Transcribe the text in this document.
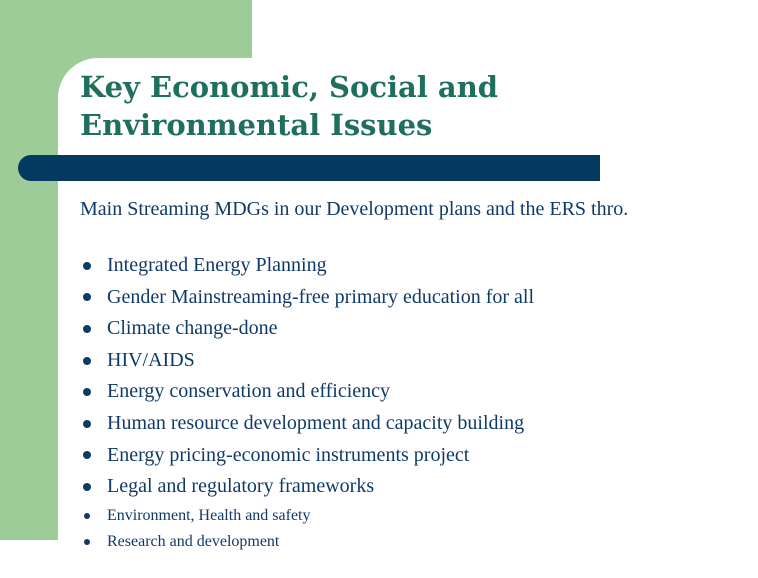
Key Economic, Social and
Environmental Issues

Main Streaming MDGs in our Development plans and the ERS thro.

Integrated Energy Planning
Gender Mainstreaming-free primary education for all
Climate change-done
HIV/AIDS
Energy conservation and efficiency
Human resource development and capacity building
Energy pricing-economic instruments project
Legal and regulatory frameworks
Environment, Health and safety
Research and development
